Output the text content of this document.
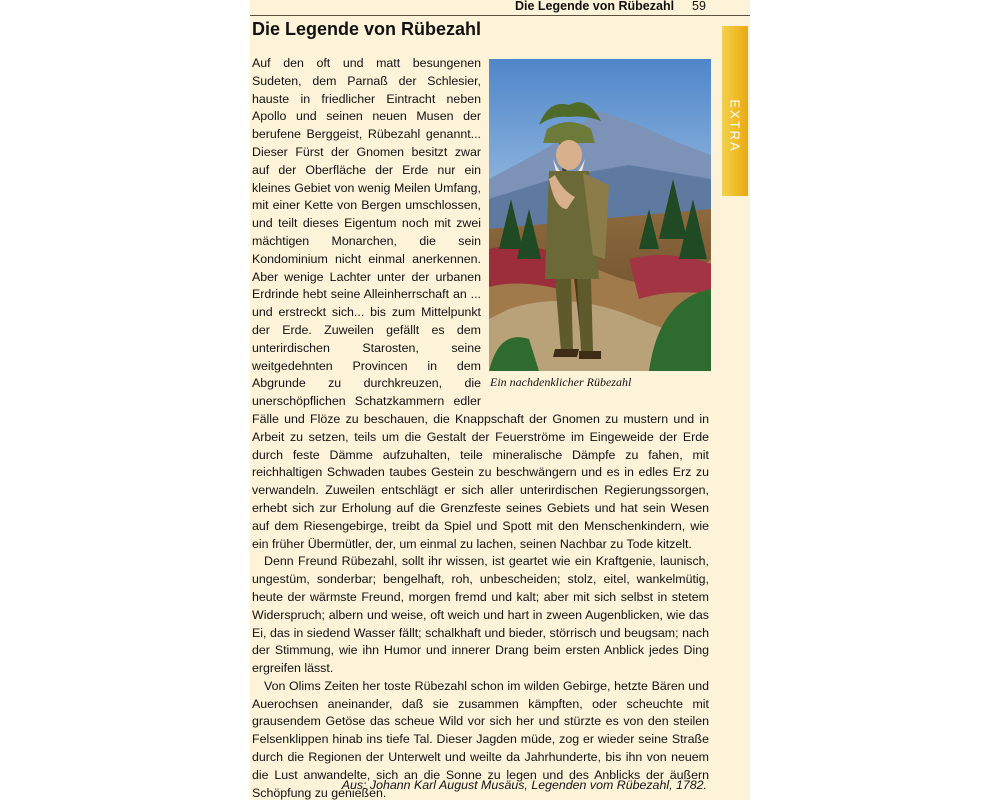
Die Legende von Rübezahl 59
Die Legende von Rübezahl
Ein nachdenklicher Rübezahl

Auf den oft und matt besungenen Sudeten, dem Parnaß der Schlesier, hauste in friedlicher Eintracht neben Apollo und seinen neuen Musen der berufene Berggeist, Rübezahl genannt... Dieser Fürst der Gnomen besitzt zwar auf der Oberfläche der Erde nur ein kleines Gebiet von wenig Meilen Umfang, mit einer Kette von Bergen umschlossen, und teilt dieses Eigentum noch mit zwei mächtigen Monarchen, die sein Kondominium nicht einmal anerkennen. Aber wenige Lachter unter der urbanen Erdrinde hebt seine Alleinherrschaft an ... und erstreckt sich... bis zum Mittelpunkt der Erde. Zuweilen gefällt es dem unterirdischen Starosten, seine weitgedehnten Provincen in dem Abgrunde zu durchkreuzen, die unerschöpflichen Schatzkammern edler Fälle und Flöze zu beschauen, die Knappschaft der Gnomen zu mustern und in Arbeit zu setzen, teils um die Gestalt der Feuerströme im Eingeweide der Erde durch feste Dämme aufzuhalten, teile mineralische Dämpfe zu fahen, mit reichhaltigen Schwaden taubes Gestein zu beschwängern und es in edles Erz zu verwandeln. Zuweilen entschlägt er sich aller unterirdischen Regierungssorgen, erhebt sich zur Erholung auf die Grenzfeste seines Gebiets und hat sein Wesen auf dem Riesengebirge, treibt da Spiel und Spott mit den Menschenkindern, wie ein früher Übermütler, der, um einmal zu lachen, seinen Nachbar zu Tode kitzelt.

Denn Freund Rübezahl, sollt ihr wissen, ist geartet wie ein Kraftgenie, launisch, ungestüm, sonderbar; bengelhaft, roh, unbescheiden; stolz, eitel, wankelmütig, heute der wärmste Freund, morgen fremd und kalt; aber mit sich selbst in stetem Widerspruch; albern und weise, oft weich und hart in zween Augenblicken, wie das Ei, das in siedend Wasser fällt; schalkhaft und bieder, störrisch und beugsam; nach der Stimmung, wie ihn Humor und innerer Drang beim ersten Anblick jedes Ding ergreifen lässt.

Von Olims Zeiten her toste Rübezahl schon im wilden Gebirge, hetzte Bären und Auerochsen aneinander, daß sie zusammen kämpften, oder scheuchte mit grausendem Getöse das scheue Wild vor sich her und stürzte es von den steilen Felsenklippen hinab ins tiefe Tal. Dieser Jagden müde, zog er wieder seine Straße durch die Regionen der Unterwelt und weilte da Jahrhunderte, bis ihn von neuem die Lust anwandelte, sich an die Sonne zu legen und des Anblicks der äußern Schöpfung zu genießen.

Aus: Johann Karl August Musäus, Legenden vom Rübezahl, 1782.
EXTRA
